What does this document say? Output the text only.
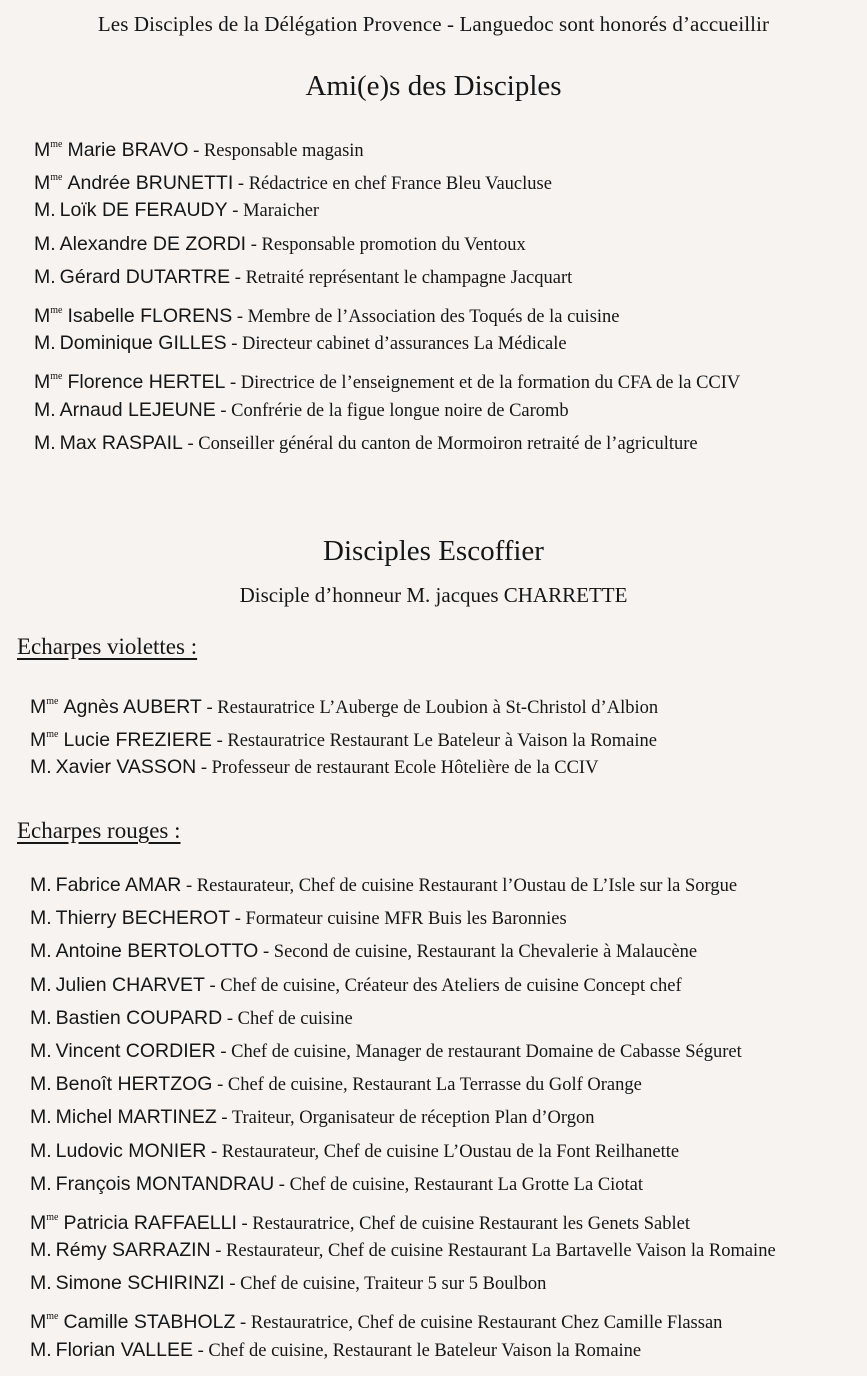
Les Disciples de la Délégation Provence - Languedoc sont honorés d’accueillir
Ami(e)s des Disciples
$M^{me}$ Marie BRAVO - Responsable magasin
$M^{me}$ Andrée BRUNETTI - Rédactrice en chef France Bleu Vaucluse
M. Loïk DE FERAUDY - Maraicher
M. Alexandre DE ZORDI - Responsable promotion du Ventoux
M. Gérard DUTARTRE - Retraité représentant le champagne Jacquart
$M^{me}$ Isabelle FLORENS - Membre de l’Association des Toqués de la cuisine
M. Dominique GILLES - Directeur cabinet d’assurances La Médicale
$M^{me}$ Florence HERTEL - Directrice de l’enseignement et de la formation du CFA de la CCIV
M. Arnaud LEJEUNE - Confrérie de la figue longue noire de Caromb
M. Max RASPAIL - Conseiller général du canton de Mormoiron retraité de l’agriculture
Disciples Escoffier
Disciple d’honneur M. jacques CHARRETTE
Echarpes violettes :
$M^{me}$ Agnès AUBERT - Restauratrice L’Auberge de Loubion à St-Christol d’Albion
$M^{me}$ Lucie FREZIERE - Restauratrice Restaurant Le Bateleur à Vaison la Romaine
M. Xavier VASSON - Professeur de restaurant Ecole Hôtelière de la CCIV
Echarpes rouges :
M. Fabrice AMAR - Restaurateur, Chef de cuisine Restaurant l’Oustau de L’Isle sur la Sorgue
M. Thierry BECHEROT - Formateur cuisine MFR Buis les Baronnies
M. Antoine BERTOLOTTO - Second de cuisine, Restaurant la Chevalerie à Malaucène
M. Julien CHARVET - Chef de cuisine, Créateur des Ateliers de cuisine Concept chef
M. Bastien COUPARD - Chef de cuisine
M. Vincent CORDIER - Chef de cuisine, Manager de restaurant Domaine de Cabasse Séguret
M. Benoît HERTZOG - Chef de cuisine, Restaurant La Terrasse du Golf Orange
M. Michel MARTINEZ - Traiteur, Organisateur de réception Plan d’Orgon
M. Ludovic MONIER - Restaurateur, Chef de cuisine L’Oustau de la Font Reilhanette
M. François MONTANDRAU - Chef de cuisine, Restaurant La Grotte La Ciotat
$M^{me}$ Patricia RAFFAELLI - Restauratrice, Chef de cuisine Restaurant les Genets Sablet
M. Rémy SARRAZIN - Restaurateur, Chef de cuisine Restaurant La Bartavelle Vaison la Romaine
M. Simone SCHIRINZI - Chef de cuisine, Traiteur 5 sur 5 Boulbon
$M^{me}$ Camille STABHOLZ - Restauratrice, Chef de cuisine Restaurant Chez Camille Flassan
M. Florian VALLEE - Chef de cuisine, Restaurant le Bateleur Vaison la Romaine
